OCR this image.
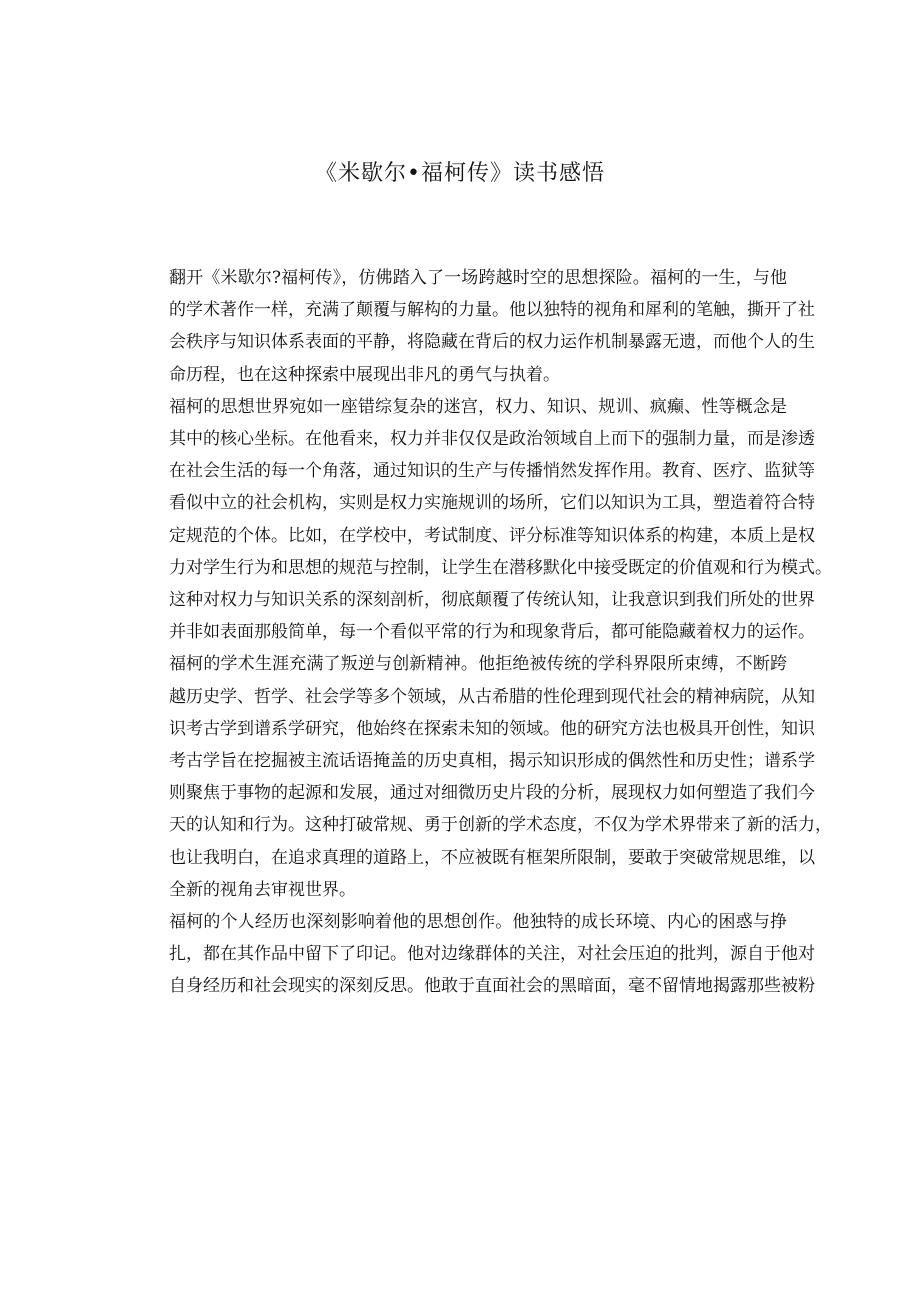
《米歇尔•福柯传》读书感悟

翻开《米歇尔?福柯传》，仿佛踏入了一场跨越时空的思想探险。福柯的一生，与他
的学术著作一样，充满了颠覆与解构的力量。他以独特的视角和犀利的笔触，撕开了社
会秩序与知识体系表面的平静，将隐藏在背后的权力运作机制暴露无遗，而他个人的生
命历程，也在这种探索中展现出非凡的勇气与执着。

福柯的思想世界宛如一座错综复杂的迷宫，权力、知识、规训、疯癫、性等概念是
其中的核心坐标。在他看来，权力并非仅仅是政治领域自上而下的强制力量，而是渗透
在社会生活的每一个角落，通过知识的生产与传播悄然发挥作用。教育、医疗、监狱等
看似中立的社会机构，实则是权力实施规训的场所，它们以知识为工具，塑造着符合特
定规范的个体。比如，在学校中，考试制度、评分标准等知识体系的构建，本质上是权
力对学生行为和思想的规范与控制，让学生在潜移默化中接受既定的价值观和行为模式。
这种对权力与知识关系的深刻剖析，彻底颠覆了传统认知，让我意识到我们所处的世界
并非如表面那般简单，每一个看似平常的行为和现象背后，都可能隐藏着权力的运作。

福柯的学术生涯充满了叛逆与创新精神。他拒绝被传统的学科界限所束缚，不断跨
越历史学、哲学、社会学等多个领域，从古希腊的性伦理到现代社会的精神病院，从知
识考古学到谱系学研究，他始终在探索未知的领域。他的研究方法也极具开创性，知识
考古学旨在挖掘被主流话语掩盖的历史真相，揭示知识形成的偶然性和历史性；谱系学
则聚焦于事物的起源和发展，通过对细微历史片段的分析，展现权力如何塑造了我们今
天的认知和行为。这种打破常规、勇于创新的学术态度，不仅为学术界带来了新的活力，
也让我明白，在追求真理的道路上，不应被既有框架所限制，要敢于突破常规思维，以
全新的视角去审视世界。

福柯的个人经历也深刻影响着他的思想创作。他独特的成长环境、内心的困惑与挣
扎，都在其作品中留下了印记。他对边缘群体的关注，对社会压迫的批判，源自于他对
自身经历和社会现实的深刻反思。他敢于直面社会的黑暗面，毫不留情地揭露那些被粉
